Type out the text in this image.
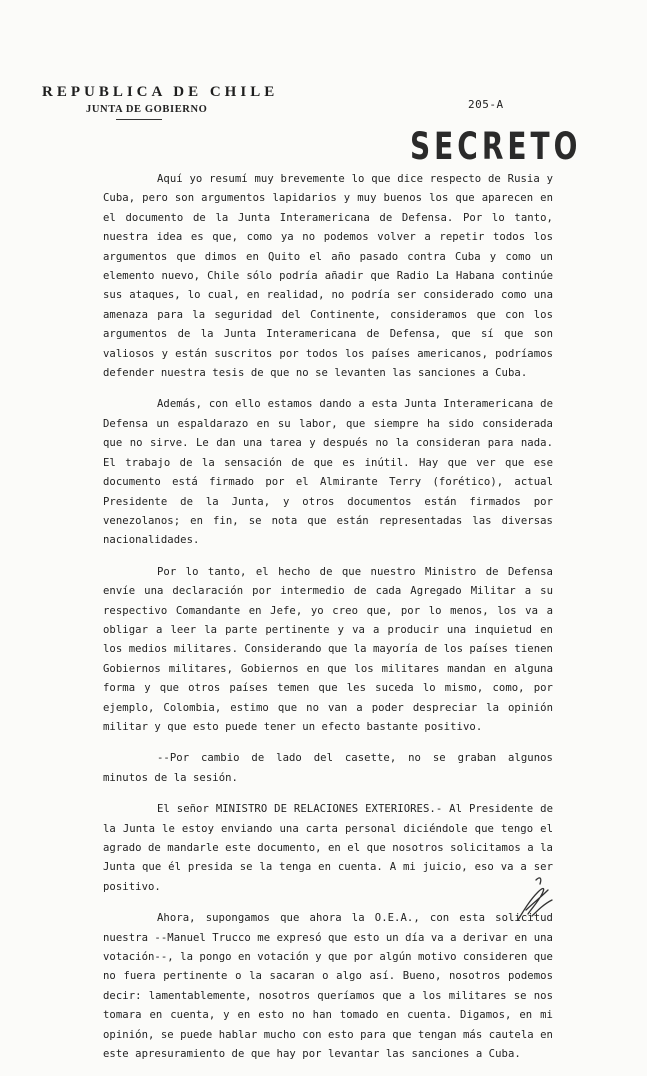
REPUBLICA DE CHILE
JUNTA DE GOBIERNO	205-A
SECRETO

Aquí yo resumí muy brevemente lo que dice respecto de Rusia y Cuba, pero son argumentos lapidarios y muy buenos los que aparecen en el documento de la Junta Interamericana de Defensa. Por lo tanto, nuestra idea es que, como ya no podemos volver a repetir todos los argumentos que dimos en Quito el año pasado contra Cuba y como un elemento nuevo, Chile sólo podría añadir que Radio La Habana continúe sus ataques, lo cual, en realidad, no podría ser considerado como una amenaza para la seguridad del Continente, consideramos que con los argumentos de la Junta Interamericana de Defensa, que sí que son valiosos y están suscritos por todos los países americanos, podríamos defender nuestra tesis de que no se levanten las sanciones a Cuba.

Además, con ello estamos dando a esta Junta Interamericana de Defensa un espaldarazo en su labor, que siempre ha sido considerada que no sirve. Le dan una tarea y después no la consideran para nada. El trabajo de la sensación de que es inútil. Hay que ver que ese documento está firmado por el Almirante Terry (forético), actual Presidente de la Junta, y otros documentos están firmados por venezolanos; en fin, se nota que están representadas las diversas nacionalidades.

Por lo tanto, el hecho de que nuestro Ministro de Defensa envíe una declaración por intermedio de cada Agregado Militar a su respectivo Comandante en Jefe, yo creo que, por lo menos, los va a obligar a leer la parte pertinente y va a producir una inquietud en los medios militares. Considerando que la mayoría de los países tienen Gobiernos militares, Gobiernos en que los militares mandan en alguna forma y que otros países temen que les suceda lo mismo, como, por ejemplo, Colombia, estimo que no van a poder despreciar la opinión militar y que esto puede tener un efecto bastante positivo.

--Por cambio de lado del casette, no se graban algunos minutos de la sesión.

El señor MINISTRO DE RELACIONES EXTERIORES.- Al Presidente de la Junta le estoy enviando una carta personal diciéndole que tengo el agrado de mandarle este documento, en el que nosotros solicitamos a la Junta que él presida se la tenga en cuenta. A mi juicio, eso va a ser positivo.

Ahora, supongamos que ahora la O.E.A., con esta solicitud nuestra --Manuel Trucco me expresó que esto un día va a derivar en una votación--, la pongo en votación y que por algún motivo consideren que no fuera pertinente o la sacaran o algo así. Bueno, nosotros podemos decir: lamentablemente, nosotros queríamos que a los militares se nos tomara en cuenta, y en esto no han tomado en cuenta. Digamos, en mi opinión, se puede hablar mucho con esto para que tengan más cautela en este apresuramiento de que hay por levantar las sanciones a Cuba.
